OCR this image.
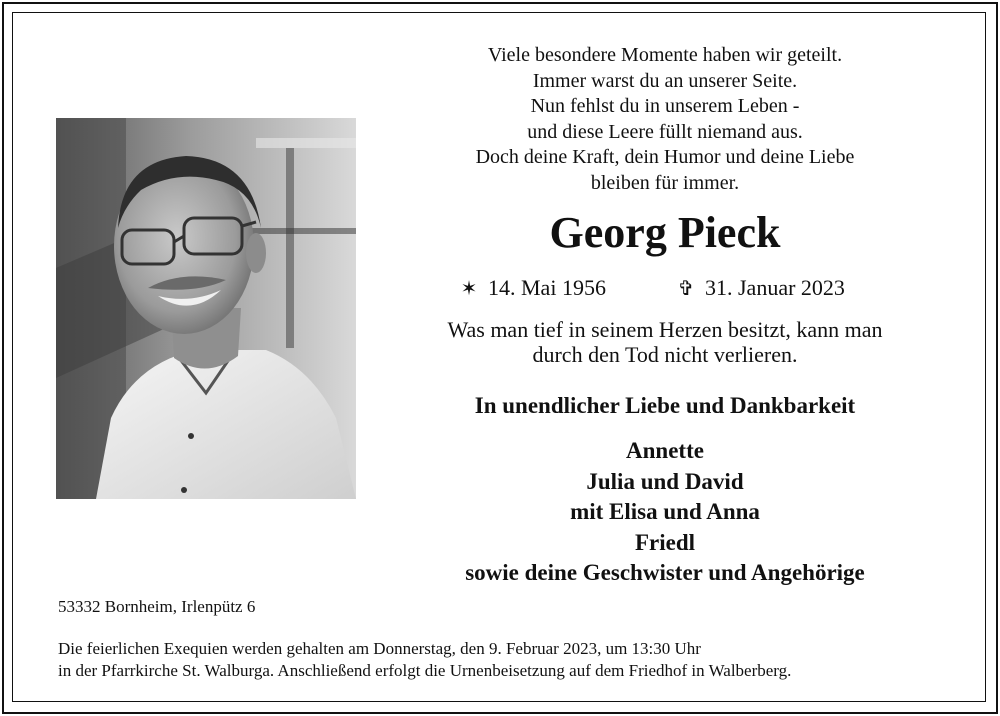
Viele besondere Momente haben wir geteilt.
Immer warst du an unserer Seite.
Nun fehlst du in unserem Leben -
und diese Leere füllt niemand aus.
Doch deine Kraft, dein Humor und deine Liebe
bleiben für immer.
Georg Pieck
✶ 14. Mai 1956	✞ 31. Januar 2023
Was man tief in seinem Herzen besitzt, kann man
durch den Tod nicht verlieren.
In unendlicher Liebe und Dankbarkeit
Annette
Julia und David
mit Elisa und Anna
Friedl
sowie deine Geschwister und Angehörige
53332 Bornheim, Irlenpütz 6
Die feierlichen Exequien werden gehalten am Donnerstag, den 9. Februar 2023, um 13:30 Uhr
in der Pfarrkirche St. Walburga. Anschließend erfolgt die Urnenbeisetzung auf dem Friedhof in Walberberg.
